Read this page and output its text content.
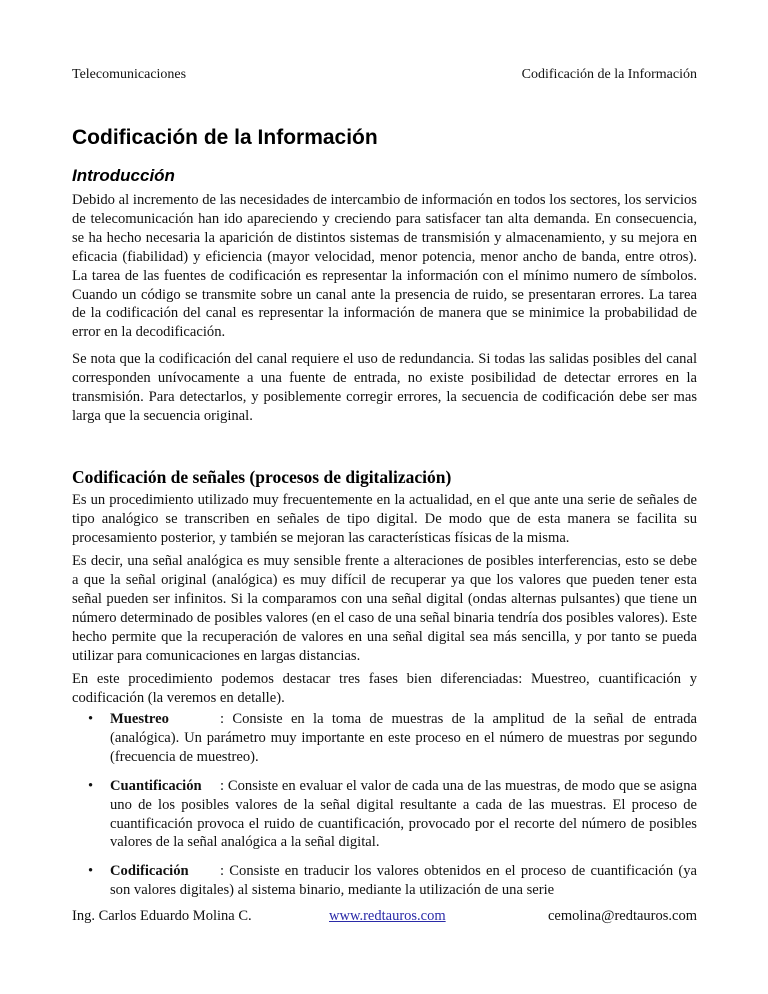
Telecomunicaciones	Codificación de la Información
Codificación de la Información
Introducción

Debido al incremento de las necesidades de intercambio de información en todos los sectores, los servicios de telecomunicación han ido apareciendo y creciendo para satisfacer tan alta demanda. En consecuencia, se ha hecho necesaria la aparición de distintos sistemas de transmisión y almacenamiento, y su mejora en eficacia (fiabilidad) y eficiencia (mayor velocidad, menor potencia, menor ancho de banda, entre otros). La tarea de las fuentes de codificación es representar la información con el mínimo numero de símbolos. Cuando un código se transmite sobre un canal ante la presencia de ruido, se presentaran errores. La tarea de la codificación del canal es representar la información de manera que se minimice la probabilidad de error en la decodificación.

Se nota que la codificación del canal requiere el uso de redundancia. Si todas las salidas posibles del canal corresponden unívocamente a una fuente de entrada, no existe posibilidad de detectar errores en la transmisión. Para detectarlos, y posiblemente corregir errores, la secuencia de codificación debe ser mas larga que la secuencia original.

Codificación de señales (procesos de digitalización)

Es un procedimiento utilizado muy frecuentemente en la actualidad, en el que ante una serie de señales de tipo analógico se transcriben en señales de tipo digital. De modo que de esta manera se facilita su procesamiento posterior, y también se mejoran las características físicas de la misma.

Es decir, una señal analógica es muy sensible frente a alteraciones de posibles interferencias, esto se debe a que la señal original (analógica) es muy difícil de recuperar ya que los valores que pueden tener esta señal pueden ser infinitos. Si la comparamos con una señal digital (ondas alternas pulsantes) que tiene un número determinado de posibles valores (en el caso de una señal binaria tendría dos posibles valores). Este hecho permite que la recuperación de valores en una señal digital sea más sencilla, y por tanto se pueda utilizar para comunicaciones en largas distancias.

En este procedimiento podemos destacar tres fases bien diferenciadas: Muestreo, cuantificación y codificación (la veremos en detalle).

• Muestreo	: Consiste en la toma de muestras de la amplitud de la señal de entrada (analógica). Un parámetro muy importante en este proceso en el número de muestras por segundo (frecuencia de muestreo).
• Cuantificación : Consiste en evaluar el valor de cada una de las muestras, de modo que se asigna uno de los posibles valores de la señal digital resultante a cada de las muestras. El proceso de cuantificación provoca el ruido de cuantificación, provocado por el recorte del número de posibles valores de la señal analógica a la señal digital.
• Codificación : Consiste en traducir los valores obtenidos en el proceso de cuantificación (ya son valores digitales) al sistema binario, mediante la utilización de una serie
Ing. Carlos Eduardo Molina C.	www.redtauros.com	cemolina@redtauros.com
